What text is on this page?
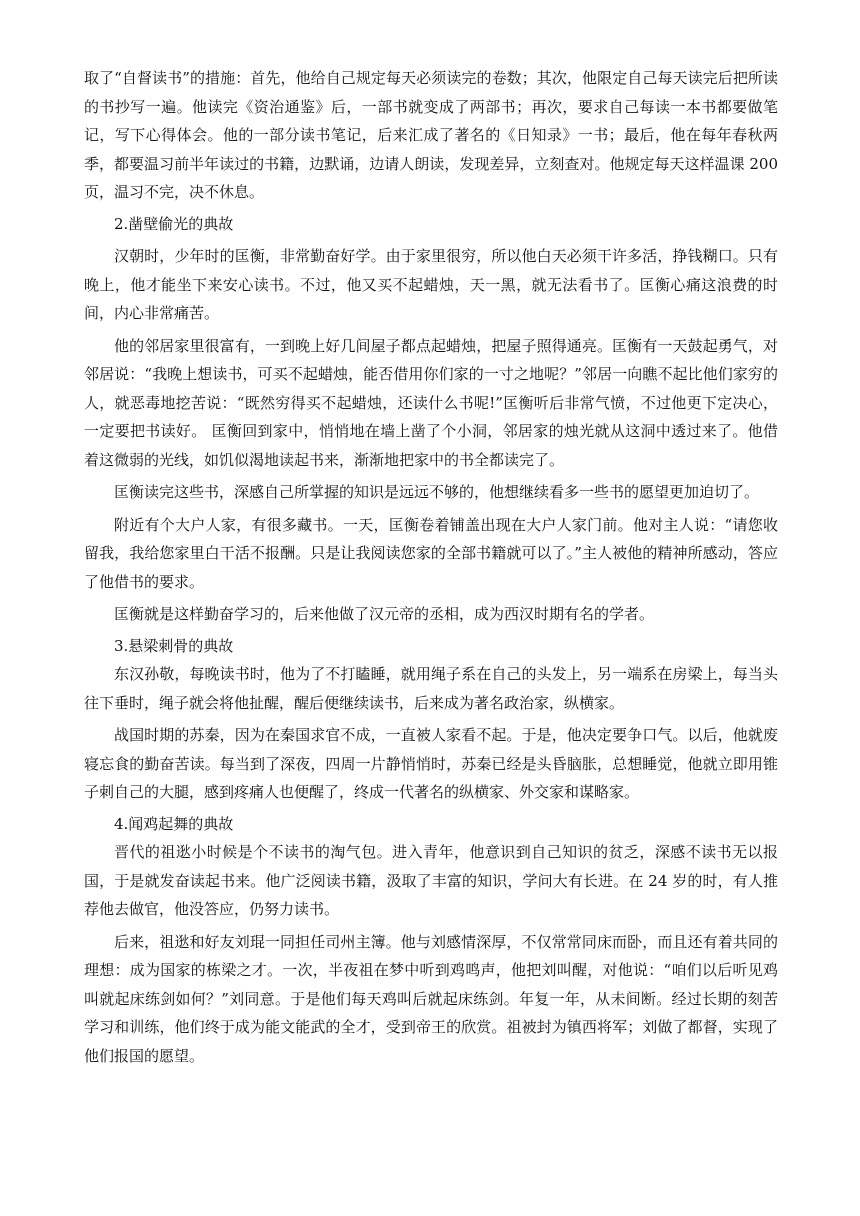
取了“自督读书”的措施：首先，他给自己规定每天必须读完的卷数；其次，他限定自己每天读完后把所读的书抄写一遍。他读完《资治通鉴》后，一部书就变成了两部书；再次，要求自己每读一本书都要做笔记，写下心得体会。他的一部分读书笔记，后来汇成了著名的《日知录》一书；最后，他在每年春秋两季，都要温习前半年读过的书籍，边默诵，边请人朗读，发现差异，立刻查对。他规定每天这样温课 200 页，温习不完，决不休息。

2.凿壁偷光的典故

汉朝时，少年时的匡衡，非常勤奋好学。由于家里很穷，所以他白天必须干许多活，挣钱糊口。只有晚上，他才能坐下来安心读书。不过，他又买不起蜡烛，天一黑，就无法看书了。匡衡心痛这浪费的时间，内心非常痛苦。

他的邻居家里很富有，一到晚上好几间屋子都点起蜡烛，把屋子照得通亮。匡衡有一天鼓起勇气，对邻居说：“我晚上想读书，可买不起蜡烛，能否借用你们家的一寸之地呢？”邻居一向瞧不起比他们家穷的人，就恶毒地挖苦说：“既然穷得买不起蜡烛，还读什么书呢!”匡衡听后非常气愤，不过他更下定决心，一定要把书读好。 匡衡回到家中，悄悄地在墙上凿了个小洞，邻居家的烛光就从这洞中透过来了。他借着这微弱的光线，如饥似渴地读起书来，渐渐地把家中的书全都读完了。

匡衡读完这些书，深感自己所掌握的知识是远远不够的，他想继续看多一些书的愿望更加迫切了。

附近有个大户人家，有很多藏书。一天，匡衡卷着铺盖出现在大户人家门前。他对主人说：“请您收留我，我给您家里白干活不报酬。只是让我阅读您家的全部书籍就可以了。”主人被他的精神所感动，答应了他借书的要求。

匡衡就是这样勤奋学习的，后来他做了汉元帝的丞相，成为西汉时期有名的学者。

3.悬梁刺骨的典故

东汉孙敬，每晚读书时，他为了不打瞌睡，就用绳子系在自己的头发上，另一端系在房梁上，每当头往下垂时，绳子就会将他扯醒，醒后便继续读书，后来成为著名政治家，纵横家。

战国时期的苏秦，因为在秦国求官不成，一直被人家看不起。于是，他决定要争口气。以后，他就废寝忘食的勤奋苦读。每当到了深夜，四周一片静悄悄时，苏秦已经是头昏脑胀，总想睡觉，他就立即用锥子刺自己的大腿，感到疼痛人也便醒了，终成一代著名的纵横家、外交家和谋略家。

4.闻鸡起舞的典故

晋代的祖逖小时候是个不读书的淘气包。进入青年，他意识到自己知识的贫乏，深感不读书无以报国，于是就发奋读起书来。他广泛阅读书籍，汲取了丰富的知识，学问大有长进。在 24 岁的时，有人推荐他去做官，他没答应，仍努力读书。

后来，祖逖和好友刘琨一同担任司州主簿。他与刘感情深厚，不仅常常同床而卧，而且还有着共同的理想：成为国家的栋梁之才。一次，半夜祖在梦中听到鸡鸣声，他把刘叫醒，对他说：“咱们以后听见鸡叫就起床练剑如何？”刘同意。于是他们每天鸡叫后就起床练剑。年复一年，从未间断。经过长期的刻苦学习和训练，他们终于成为能文能武的全才，受到帝王的欣赏。祖被封为镇西将军；刘做了都督，实现了他们报国的愿望。
